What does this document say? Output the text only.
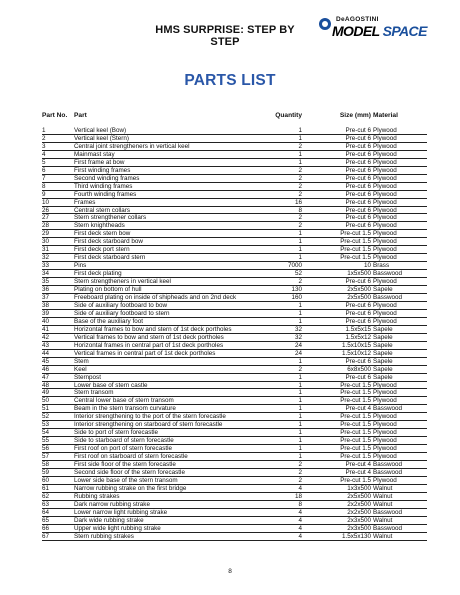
HMS SURPRISE: STEP BY STEP
DeAGOSTINI
MODEL SPACE
PARTS LIST
Part No. Part	Quantity	Size (mm) Material
1	Vertical keel (Bow)	1	Pre-cut 6 Plywood
2	Vertical keel (Stern)	1	Pre-cut 6 Plywood
3	Central joint strengtheners in vertical keel	2	Pre-cut 6 Plywood
4	Mainmast stay	1	Pre-cut 6 Plywood
5	First frame at bow	1	Pre-cut 6 Plywood
6	First winding frames	2	Pre-cut 6 Plywood
7	Second winding frames	2	Pre-cut 6 Plywood
8	Third winding frames	2	Pre-cut 6 Plywood
9	Fourth winding frames	2	Pre-cut 6 Plywood
10	Frames	16	Pre-cut 6 Plywood
26	Central stern collars	8	Pre-cut 6 Plywood
27	Stern strengthener collars	2	Pre-cut 6 Plywood
28	Stern knightheads	2	Pre-cut 6 Plywood
29	First deck stern bow	1	Pre-cut 1.5 Plywood
30	First deck starboard bow	1	Pre-cut 1.5 Plywood
31	First deck port stern	1	Pre-cut 1.5 Plywood
32	First deck starboard stern	1	Pre-cut 1.5 Plywood
33	Pins	7000	10 Brass
34	First deck plating	52	1x5x500 Basswood
35	Stern strengtheners in vertical keel	2	Pre-cut 6 Plywood
36	Plating on bottom of hull	130	2x5x500 Sapele
37	Freeboard plating on inside of shipheads and on 2nd deck	160	2x5x500 Basswood
38	Side of auxiliary footboard to bow	1	Pre-cut 6 Plywood
39	Side of auxiliary footboard to stern	1	Pre-cut 6 Plywood
40	Base of the auxiliary foot	1	Pre-cut 6 Plywood
41	Horizontal frames to bow and stern of 1st deck portholes	32	1.5x5x15 Sapele
42	Vertical frames to bow and stern of 1st deck portholes	32	1.5x5x12 Sapele
43	Horizontal frames in central part of 1st deck portholes	24	1.5x10x15 Sapele
44	Vertical frames in central part of 1st deck portholes	24	1.5x10x12 Sapele
45	Stem	1	Pre-cut 6 Sapele
46	Keel	2	6x8x500 Sapele
47	Sternpost	1	Pre-cut 6 Sapele
48	Lower base of stern castle	1	Pre-cut 1.5 Plywood
49	Stern transom	1	Pre-cut 1.5 Plywood
50	Central lower base of stern transom	1	Pre-cut 1.5 Plywood
51	Beam in the stern transom curvature	1	Pre-cut 4 Basswood
52	Interior strengthening to the port of the stern forecastle	1	Pre-cut 1.5 Plywood
53	Interior strengthening on starboard of stern forecastle	1	Pre-cut 1.5 Plywood
54	Side to port of stern forecastle	1	Pre-cut 1.5 Plywood
55	Side to starboard of stern forecastle	1	Pre-cut 1.5 Plywood
56	First roof on port of stern forecastle	1	Pre-cut 1.5 Plywood
57	First roof on starboard of stern forecastle	1	Pre-cut 1.5 Plywood
58	First side floor of the stern forecastle	2	Pre-cut 4 Basswood
59	Second side floor of the stern forecastle	2	Pre-cut 4 Basswood
60	Lower side base of the stern transom	2	Pre-cut 1.5 Plywood
61	Narrow rubbing strake on the first bridge	4	1x3x500 Walnut
62	Rubbing strakes	18	2x5x500 Walnut
63	Dark narrow rubbing strake	8	2x2x500 Walnut
64	Lower narrow light rubbing strake	4	2x2x500 Basswood
65	Dark wide rubbing strake	4	2x3x500 Walnut
66	Upper wide light rubbing strake	4	2x3x500 Basswood
67	Stern rubbing strakes	4	1.5x5x130 Walnut
8
